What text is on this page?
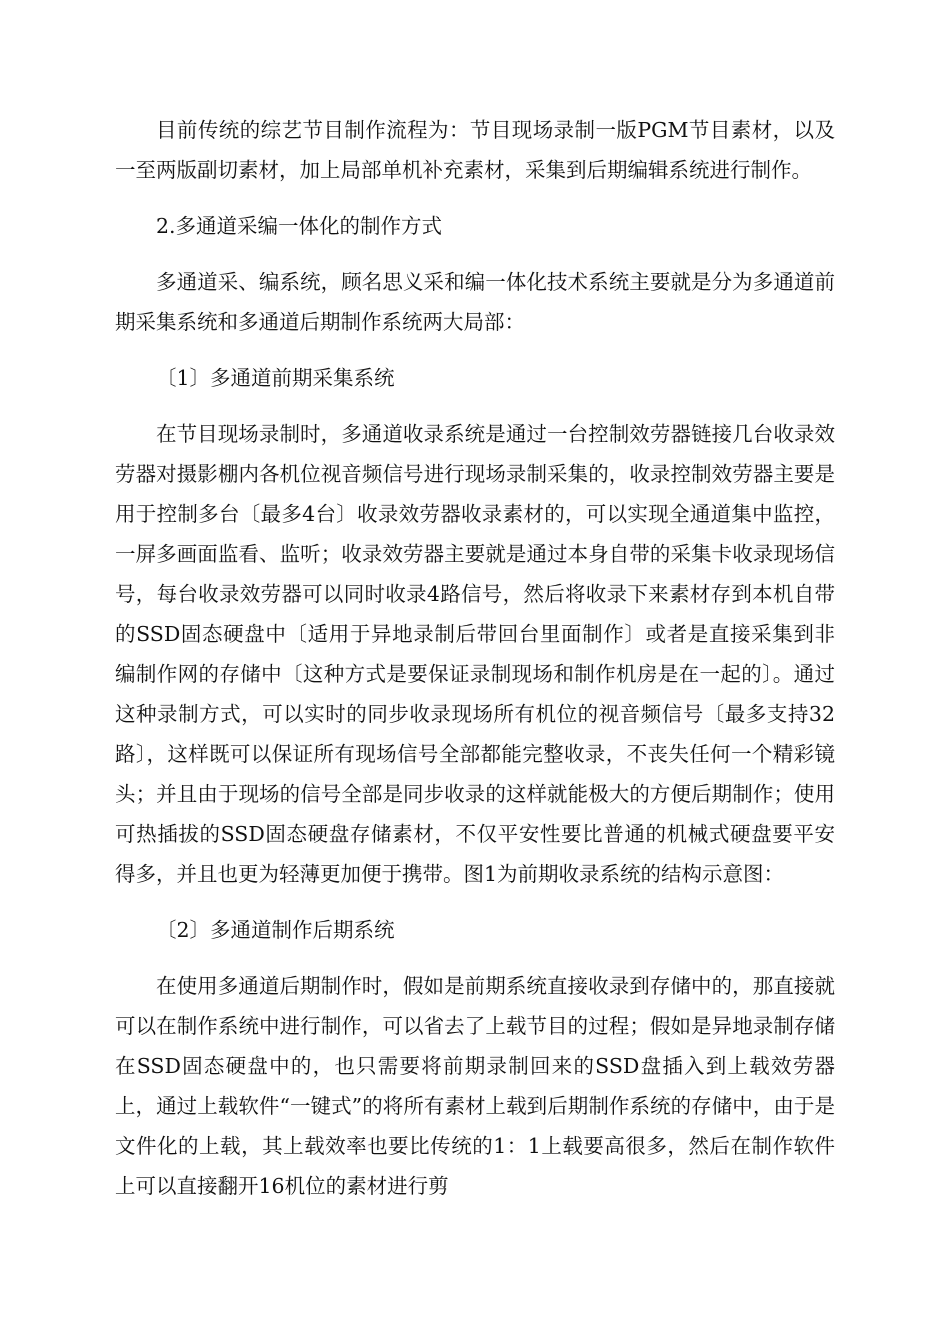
目前传统的综艺节目制作流程为：节目现场录制一版PGM节目素材，以及一至两版副切素材，加上局部单机补充素材，采集到后期编辑系统进行制作。

2.多通道采编一体化的制作方式

多通道采、编系统，顾名思义采和编一体化技术系统主要就是分为多通道前期采集系统和多通道后期制作系统两大局部：

〔1〕多通道前期采集系统

在节目现场录制时，多通道收录系统是通过一台控制效劳器链接几台收录效劳器对摄影棚内各机位视音频信号进行现场录制采集的，收录控制效劳器主要是用于控制多台〔最多4台〕收录效劳器收录素材的，可以实现全通道集中监控，一屏多画面监看、监听；收录效劳器主要就是通过本身自带的采集卡收录现场信号，每台收录效劳器可以同时收录4路信号，然后将收录下来素材存到本机自带的SSD固态硬盘中〔适用于异地录制后带回台里面制作〕或者是直接采集到非编制作网的存储中〔这种方式是要保证录制现场和制作机房是在一起的〕。通过这种录制方式，可以实时的同步收录现场所有机位的视音频信号〔最多支持32路〕，这样既可以保证所有现场信号全部都能完整收录，不丧失任何一个精彩镜头；并且由于现场的信号全部是同步收录的这样就能极大的方便后期制作；使用可热插拔的SSD固态硬盘存储素材，不仅平安性要比普通的机械式硬盘要平安得多，并且也更为轻薄更加便于携带。图1为前期收录系统的结构示意图：

〔2〕多通道制作后期系统

在使用多通道后期制作时，假如是前期系统直接收录到存储中的，那直接就可以在制作系统中进行制作，可以省去了上载节目的过程；假如是异地录制存储在SSD固态硬盘中的，也只需要将前期录制回来的SSD盘插入到上载效劳器上，通过上载软件“一键式”的将所有素材上载到后期制作系统的存储中，由于是文件化的上载，其上载效率也要比传统的1：1上载要高很多，然后在制作软件上可以直接翻开16机位的素材进行剪
